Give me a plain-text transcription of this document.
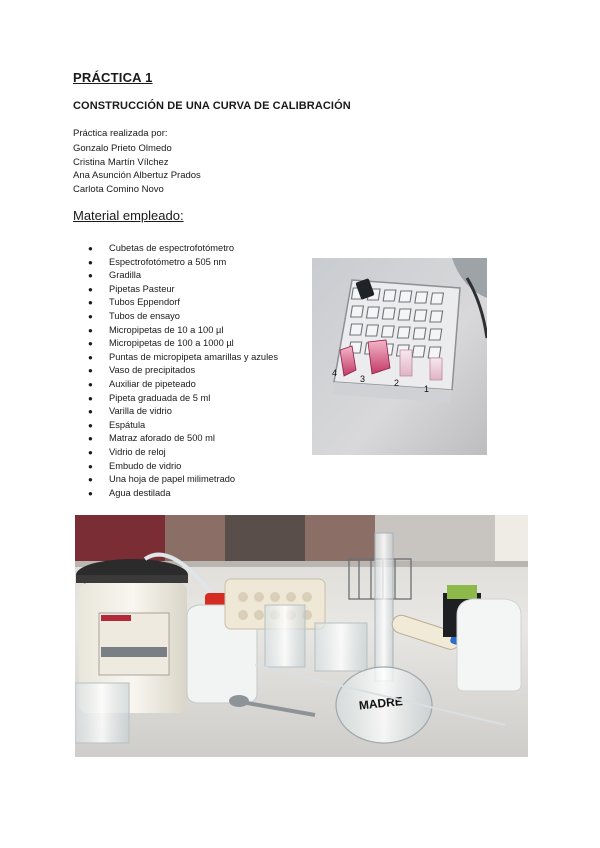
PRÁCTICA 1
CONSTRUCCIÓN DE UNA CURVA DE CALIBRACIÓN
Práctica realizada por:
Gonzalo Prieto Olmedo
Cristina Martín Vílchez
Ana Asunción Albertuz Prados
Carlota Comino Novo
Material empleado:
● Cubetas de espectrofotómetro
● Espectrofotómetro a 505 nm
● Gradilla
● Pipetas Pasteur
● Tubos Eppendorf
● Tubos de ensayo
● Micropipetas de 10 a 100 µl
● Micropipetas de 100 a 1000 µl
● Puntas de micropipeta amarillas y azules
● Vaso de precipitados
● Auxiliar de pipeteado
● Pipeta graduada de 5 ml
● Varilla de vidrio
● Espátula
● Matraz aforado de 500 ml
● Vidrio de reloj
● Embudo de vidrio
● Una hoja de papel milimetrado
● Agua destilada
4
3	2
1
MADRE
